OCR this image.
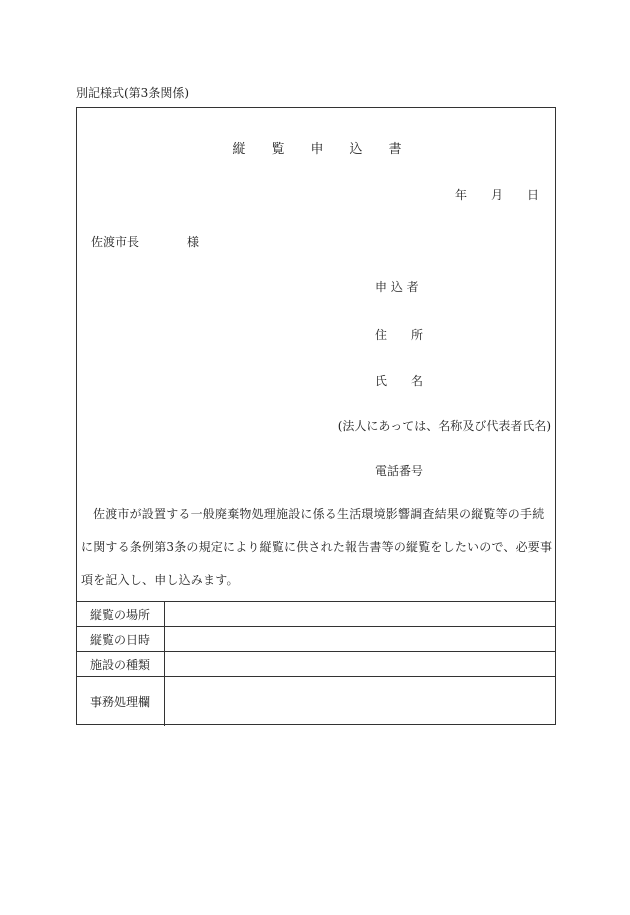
別記様式(第3条関係)
縦　　覧　　申　　込　　書
年　　月　　日
佐渡市長　　　　様
申 込 者
住　　所
氏　　名
(法人にあっては、名称及び代表者氏名)
電話番号
佐渡市が設置する一般廃棄物処理施設に係る生活環境影響調査結果の縦覧等の手続に関する条例第3条の規定により縦覧に供された報告書等の縦覧をしたいので、必要事項を記入し、申し込みます。
縦覧の場所	
縦覧の日時	
施設の種類	
事務処理欄	
